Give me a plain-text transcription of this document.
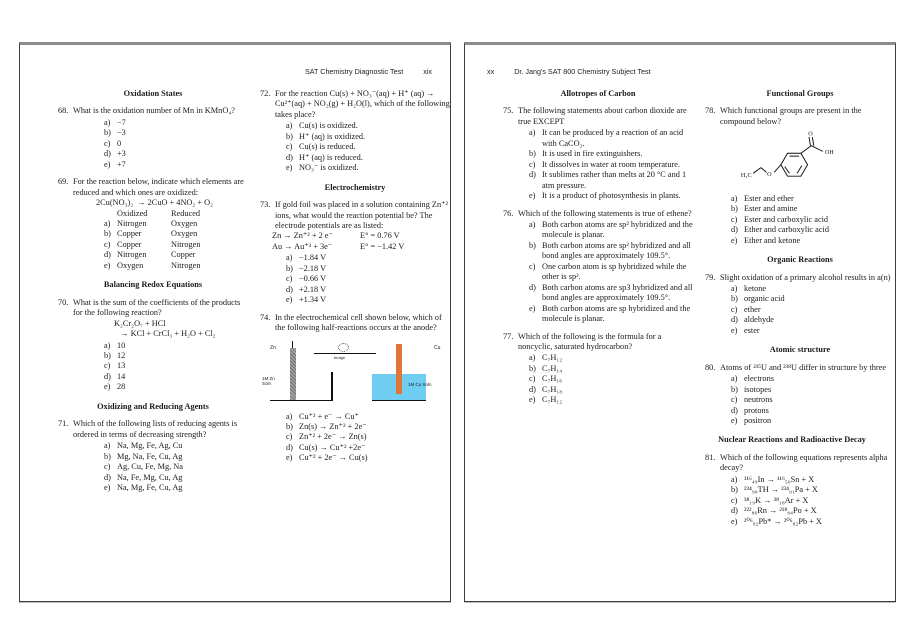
SAT Chemistry Diagnostic Test	xix
Oxidation States
68. What is the oxidation number of Mn in KMnO₄?
a) −7
b) −3
c) 0
d) +3
e) +7
69. For the reaction below, indicate which elements are reduced and which ones are oxidized:
2Cu(NO₃)₂  → 2CuO + 4NO₂ + O₂
Oxidized	Reduced
a) Nitrogen	Oxygen
b) Copper	Oxygen
c) Copper	Nitrogen
d) Nitrogen	Copper
e) Oxygen	Nitrogen
Balancing Redox Equations
70. What is the sum of the coefficients of the products for the following reaction?
K₂Cr₂O₇ + HCl
→ KCl + CrCl₃ + H₂O + Cl₂
a) 10
b) 12
c) 13
d) 14
e) 28
Oxidizing and Reducing Agents
71. Which of the following lists of reducing agents is ordered in terms of decreasing strength?
a) Na, Mg, Fe, Ag, Cu
b) Mg, Na, Fe, Cu, Ag
c) Ag, Cu, Fe, Mg, Na
d) Na, Fe, Mg, Cu, Ag
e) Na, Mg, Fe, Cu, Ag
72. For the reaction Cu(s) + NO₃⁻(aq) + H⁺ (aq) → Cu²⁺(aq) + NO₂(g) + H₂O(l), which of the following takes place?
a) Cu(s) is oxidized.
b) H⁺ (aq) is oxidized.
c) Cu(s) is reduced.
d) H⁺ (aq) is reduced.
e) NO₃⁻ is oxidized.
Electrochemistry
73. If gold foil was placed in a solution containing Zn⁺² ions, what would the reaction potential be? The electrode potentials are as listed:
Zn → Zn⁺² + 2 e⁻	E° = 0.76 V
Au → Au⁺³ + 3e⁻	E° = −1.42 V
a) −1.84 V
b) −2.18 V
c) −0.66 V
d) +2.18 V
e) +1.34 V
74. In the electrochemical cell shown below, which of the following half-reactions occurs at the anode?
bridge
Zn	Cu
1M Zn
Soln	1M Cu Soln
a) Cu⁺² + e⁻ → Cu⁺
b) Zn(s) → Zn⁺² + 2e⁻
c) Zn⁺² + 2e⁻ → Zn(s)
d) Cu(s) → Cu⁺² +2e⁻
e) Cu⁺² + 2e⁻ → Cu(s)
xx	Dr. Jang's SAT 800 Chemistry Subject Test
Allotropes of Carbon
75. The following statements about carbon dioxide are true EXCEPT
a) It can be produced by a reaction of an acid with CaCO₃.
b) It is used in fire extinguishers.
c) It dissolves in water at room temperature.
d) It sublimes rather than melts at 20 °C and 1 atm pressure.
e) It is a product of photosynthesis in plants.
76. Which of the following statements is true of ethene?
a) Both carbon atoms are sp² hybridized and the molecule is planar.
b) Both carbon atoms are sp² hybridized and all bond angles are approximately 109.5°.
c) One carbon atom is sp hybridized while the other is sp².
d) Both carbon atoms are sp3 hybridized and all bond angles are approximately 109.5°.
e) Both carbon atoms are sp hybridized and the molecule is planar.
77. Which of the following is the formula for a noncyclic, saturated hydrocarbon?
a) C₇H₁₂
b) C₇H₁₄
c) C₇H₁₆
d) C₇H₁₈
e) C₇H₁₂
Functional Groups
78. Which functional groups are present in the compound below?
O
OH
O
H₃C
a) Ester and ether
b) Ester and amine
c) Ester and carboxylic acid
d) Ether and carboxylic acid
e) Ether and ketone
Organic Reactions
79. Slight oxidation of a primary alcohol results in a(n)
a) ketone
b) organic acid
c) ether
d) aldehyde
e) ester
Atomic structure
80. Atoms of ²³⁵U and ²³⁸U differ in structure by three
a) electrons
b) isotopes
c) neutrons
d) protons
e) positron
Nuclear Reactions and Radioactive Decay
81. Which of the following equations represents alpha decay?
a) ¹¹⁶₄₉In → ¹¹⁶₅₀Sn + X
b) ²³⁴₉₀TH → ²³⁴₉₁Pa + X
c) ³⁸₁₉K → ³⁸₁₈Ar + X
d) ²²²₈₆Rn → ²¹⁸₈₄Po + X
e) ²⁰⁶₈₂Pb* → ²⁰⁶₈₂Pb + X
